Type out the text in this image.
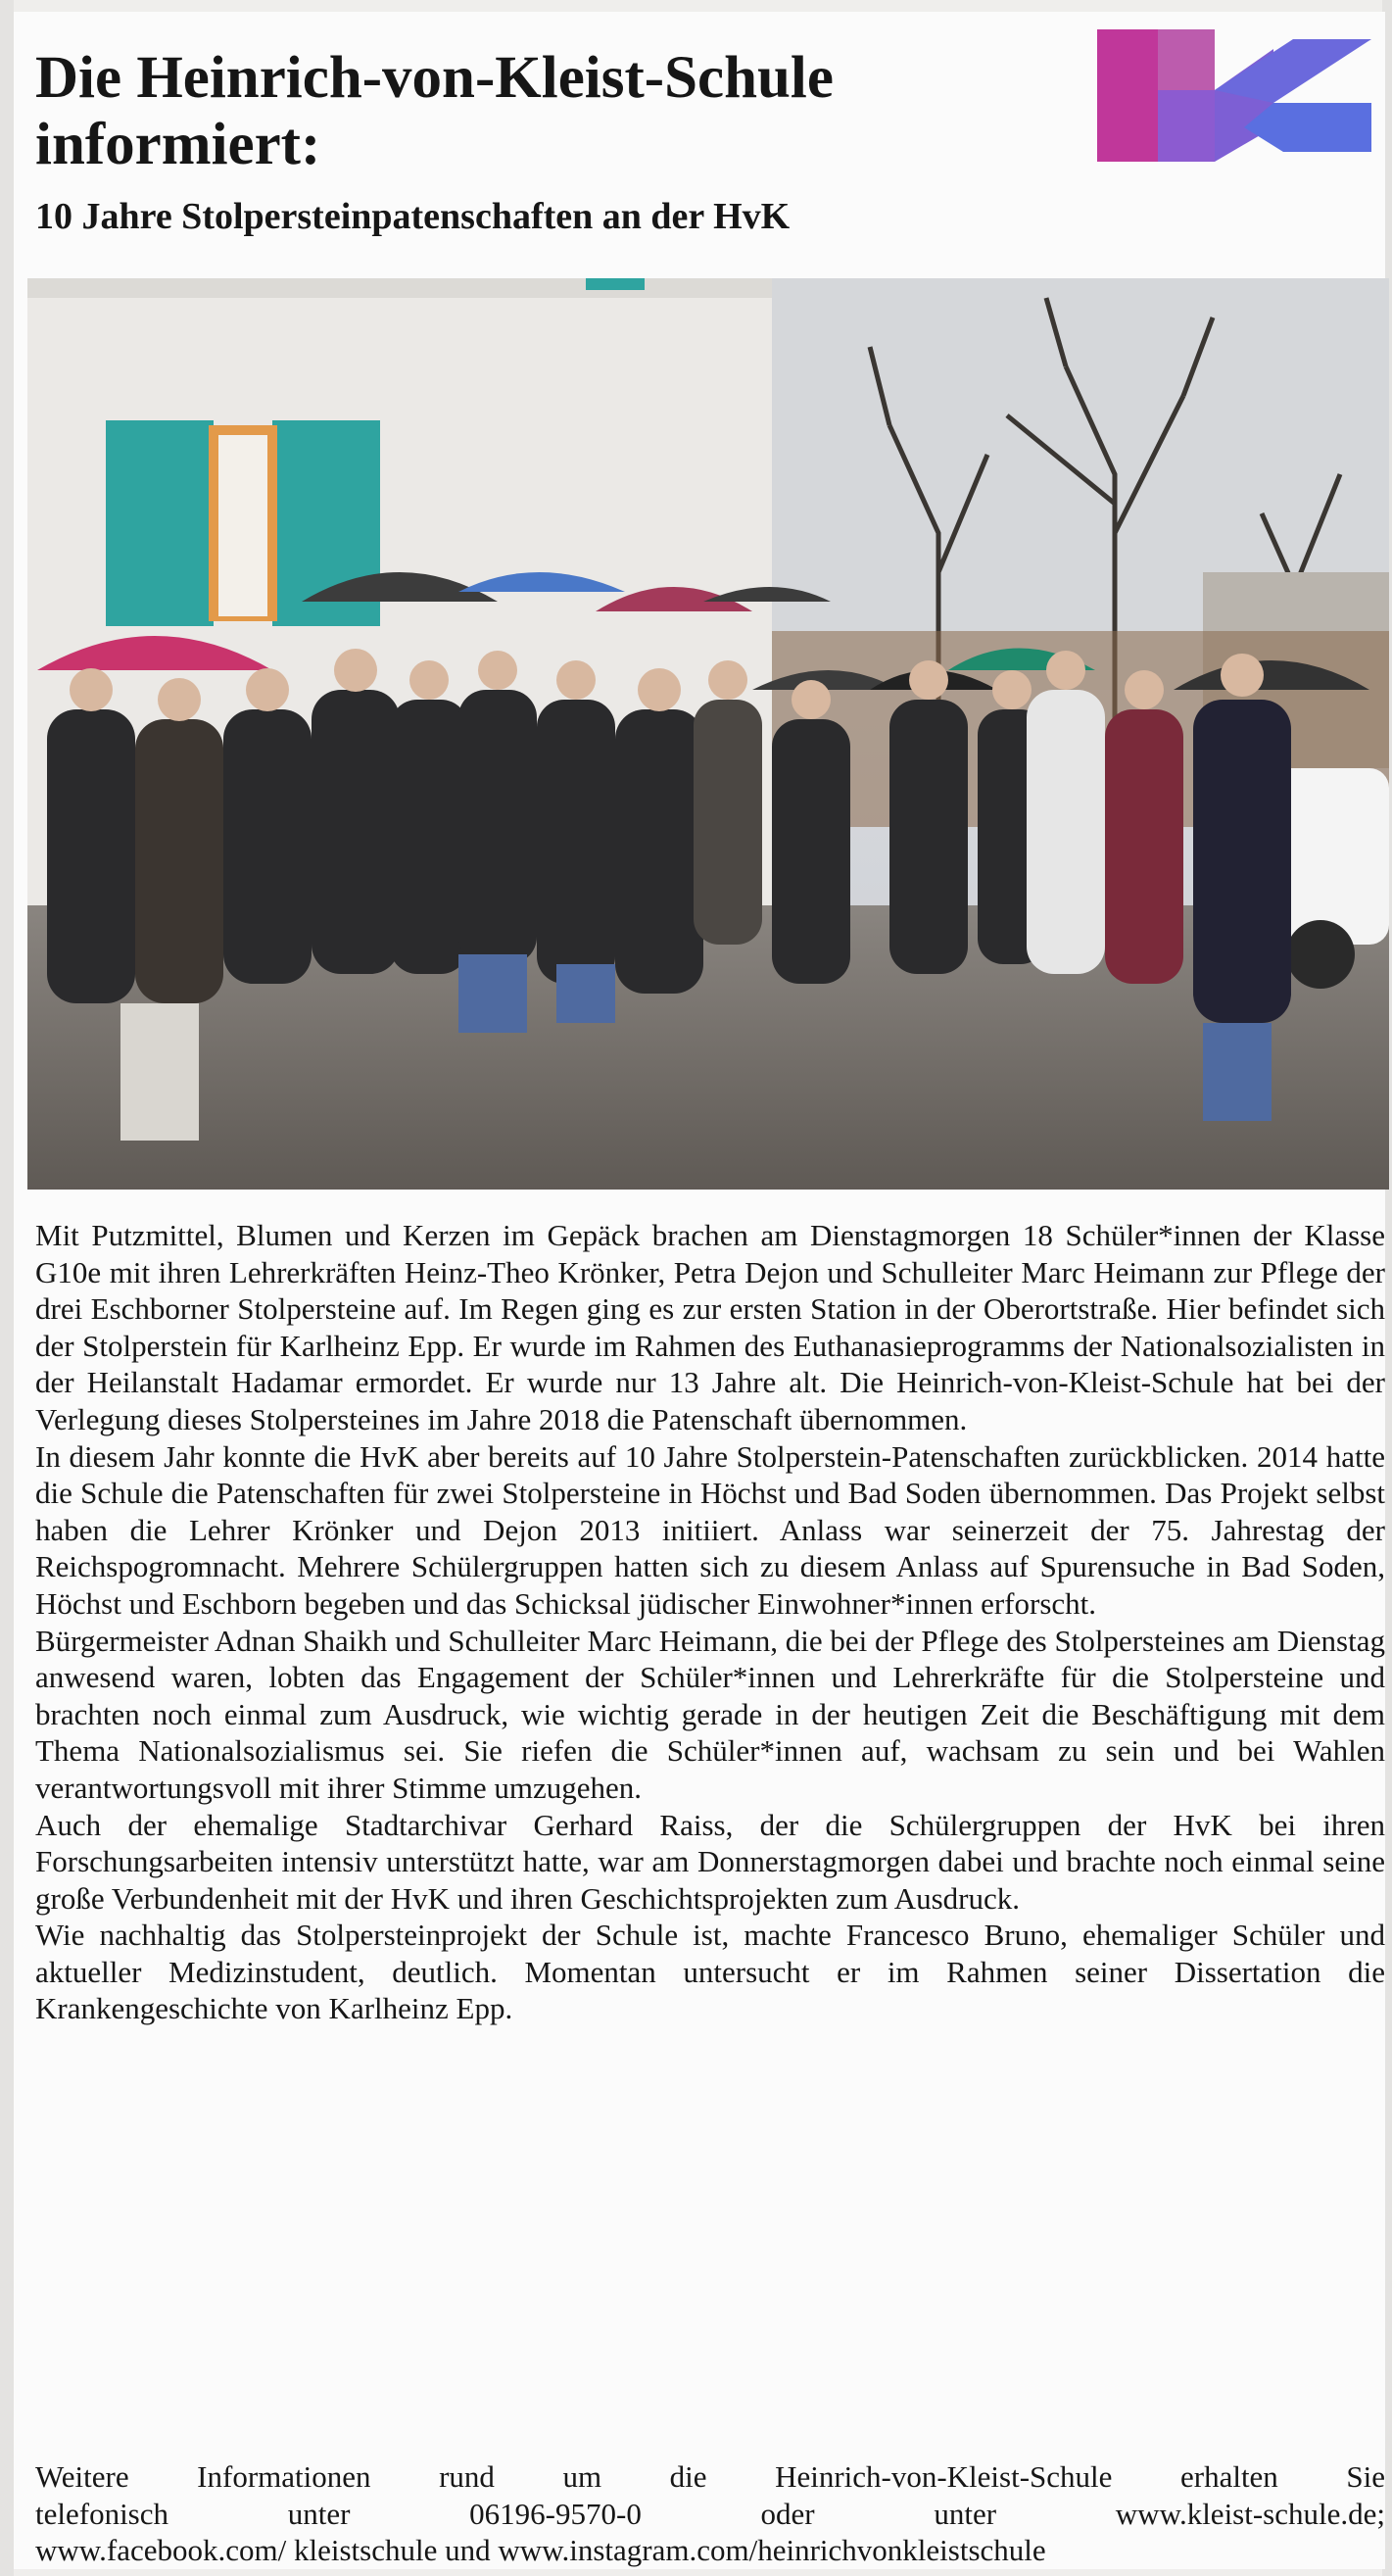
Die Heinrich-von-Kleist-Schule informiert:
10 Jahre Stolpersteinpatenschaften an der HvK

Mit Putzmittel, Blumen und Kerzen im Gepäck brachen am Dienstagmorgen 18 Schüler*innen der Klasse G10e mit ihren Lehrerkräften Heinz-Theo Krönker, Petra Dejon und Schulleiter Marc Heimann zur Pflege der drei Eschborner Stolpersteine auf. Im Regen ging es zur ersten Station in der Oberortstraße. Hier befindet sich der Stolperstein für Karlheinz Epp. Er wurde im Rahmen des Euthanasieprogramms der Nationalsozialisten in der Heilanstalt Hadamar ermordet. Er wurde nur 13 Jahre alt. Die Heinrich-von-Kleist-Schule hat bei der Verlegung dieses Stolpersteines im Jahre 2018 die Patenschaft übernommen.

In diesem Jahr konnte die HvK aber bereits auf 10 Jahre Stolperstein-Patenschaften zurückblicken. 2014 hatte die Schule die Patenschaften für zwei Stolpersteine in Höchst und Bad Soden übernommen. Das Projekt selbst haben die Lehrer Krönker und Dejon 2013 initiiert. Anlass war seinerzeit der 75. Jahrestag der Reichspogromnacht. Mehrere Schülergruppen hatten sich zu diesem Anlass auf Spurensuche in Bad Soden, Höchst und Eschborn begeben und das Schicksal jüdischer Einwohner*innen erforscht.

Bürgermeister Adnan Shaikh und Schulleiter Marc Heimann, die bei der Pflege des Stolpersteines am Dienstag anwesend waren, lobten das Engagement der Schüler*innen und Lehrerkräfte für die Stolpersteine und brachten noch einmal zum Ausdruck, wie wichtig gerade in der heutigen Zeit die Beschäftigung mit dem Thema Nationalsozialismus sei. Sie riefen die Schüler*innen auf, wachsam zu sein und bei Wahlen verantwortungsvoll mit ihrer Stimme umzugehen.

Auch der ehemalige Stadtarchivar Gerhard Raiss, der die Schülergruppen der HvK bei ihren Forschungsarbeiten intensiv unterstützt hatte, war am Donnerstagmorgen dabei und brachte noch einmal seine große Verbundenheit mit der HvK und ihren Geschichtsprojekten zum Ausdruck.

Wie nachhaltig das Stolpersteinprojekt der Schule ist, machte Francesco Bruno, ehemaliger Schüler und aktueller Medizinstudent, deutlich. Momentan untersucht er im Rahmen seiner Dissertation die Krankengeschichte von Karlheinz Epp.

Weitere Informationen rund um die Heinrich-von-Kleist-Schule erhalten Sie

telefonisch unter 06196-9570-0 oder unter www.kleist-schule.de;

www.facebook.com/ kleistschule und www.instagram.com/heinrichvonkleistschule
